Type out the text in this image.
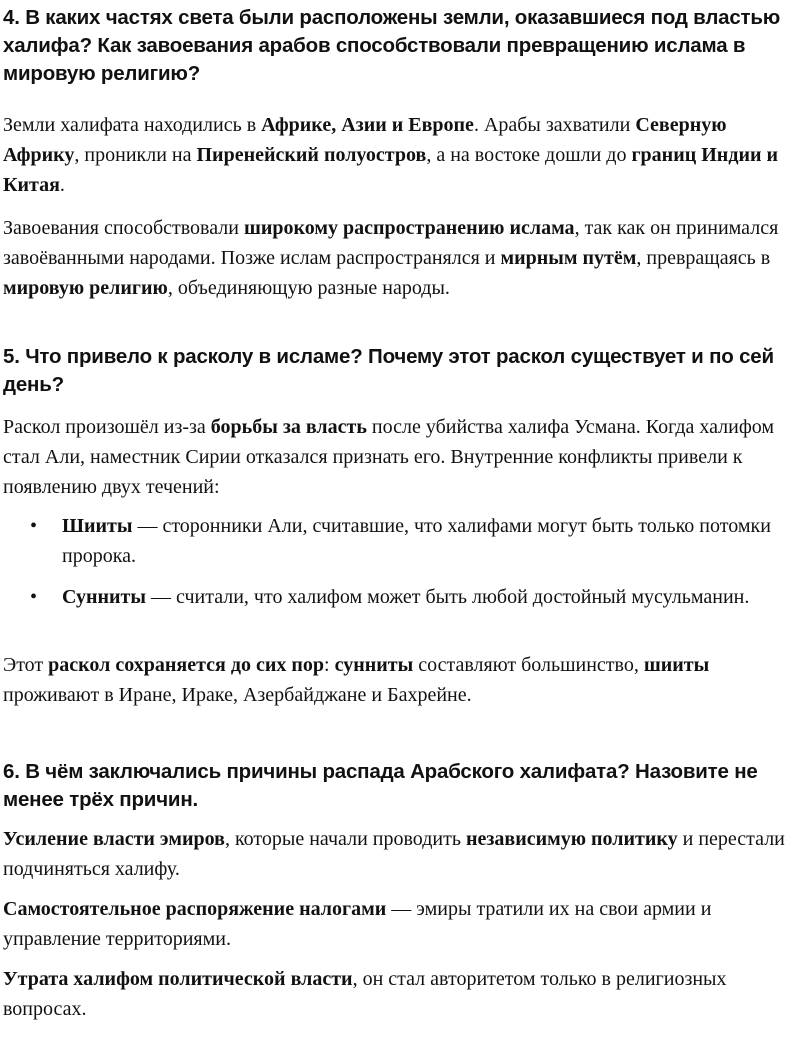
4. В каких частях света были расположены земли, оказавшиеся под властью халифа? Как завоевания арабов способствовали превращению ислама в мировую религию?
Земли халифата находились в Африке, Азии и Европе. Арабы захватили Северную Африку, проникли на Пиренейский полуостров, а на востоке дошли до границ Индии и Китая.
Завоевания способствовали широкому распространению ислама, так как он принимался завоёванными народами. Позже ислам распространялся и мирным путём, превращаясь в мировую религию, объединяющую разные народы.
5. Что привело к расколу в исламе? Почему этот раскол существует и по сей день?
Раскол произошёл из-за борьбы за власть после убийства халифа Усмана. Когда халифом стал Али, наместник Сирии отказался признать его. Внутренние конфликты привели к появлению двух течений:
• Шииты — сторонники Али, считавшие, что халифами могут быть только потомки пророка.
• Сунниты — считали, что халифом может быть любой достойный мусульманин.
Этот раскол сохраняется до сих пор: сунниты составляют большинство, шииты проживают в Иране, Ираке, Азербайджане и Бахрейне.
6. В чём заключались причины распада Арабского халифата? Назовите не менее трёх причин.
Усиление власти эмиров, которые начали проводить независимую политику и перестали подчиняться халифу.
Самостоятельное распоряжение налогами — эмиры тратили их на свои армии и управление территориями.
Утрата халифом политической власти, он стал авторитетом только в религиозных вопросах.
